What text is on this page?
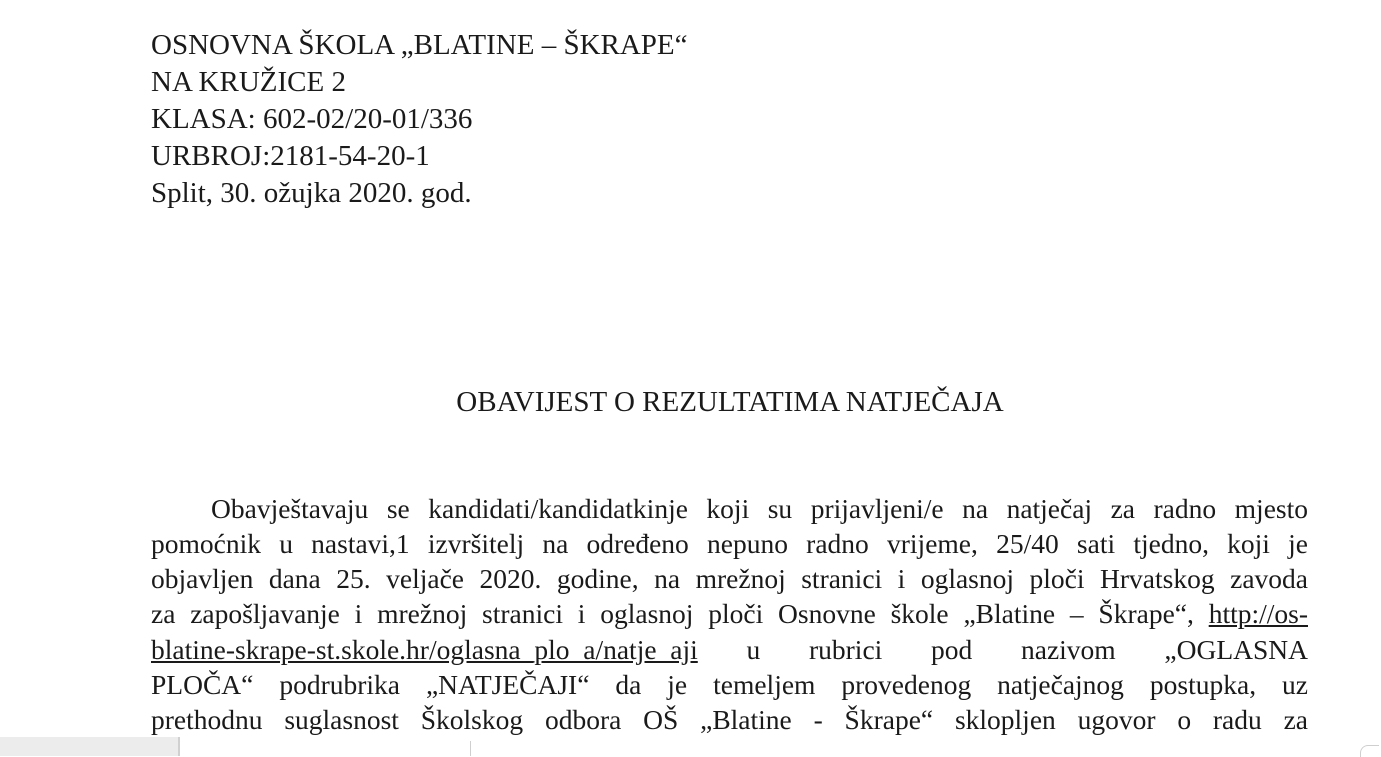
OSNOVNA ŠKOLA „BLATINE – ŠKRAPE“
NA KRUŽICE 2
KLASA: 602-02/20-01/336
URBROJ:2181-54-20-1
Split, 30. ožujka 2020. god.
OBAVIJEST O REZULTATIMA NATJEČAJA
Obavještavaju se kandidati/kandidatkinje koji su prijavljeni/e na natječaj za radno mjesto
pomoćnik u nastavi,1 izvršitelj na određeno nepuno radno vrijeme, 25/40 sati tjedno, koji je
objavljen dana 25. veljače 2020. godine, na mrežnoj stranici i oglasnoj ploči Hrvatskog zavoda
za zapošljavanje i mrežnoj stranici i oglasnoj ploči Osnovne škole „Blatine – Škrape“, http://os-
blatine-skrape-st.skole.hr/oglasna_plo_a/natje_aji u rubrici pod nazivom „OGLASNA
PLOČA“ podrubrika „NATJEČAJI“ da je temeljem provedenog natječajnog postupka, uz
prethodnu suglasnost Školskog odbora OŠ „Blatine - Škrape“ sklopljen ugovor o radu za
